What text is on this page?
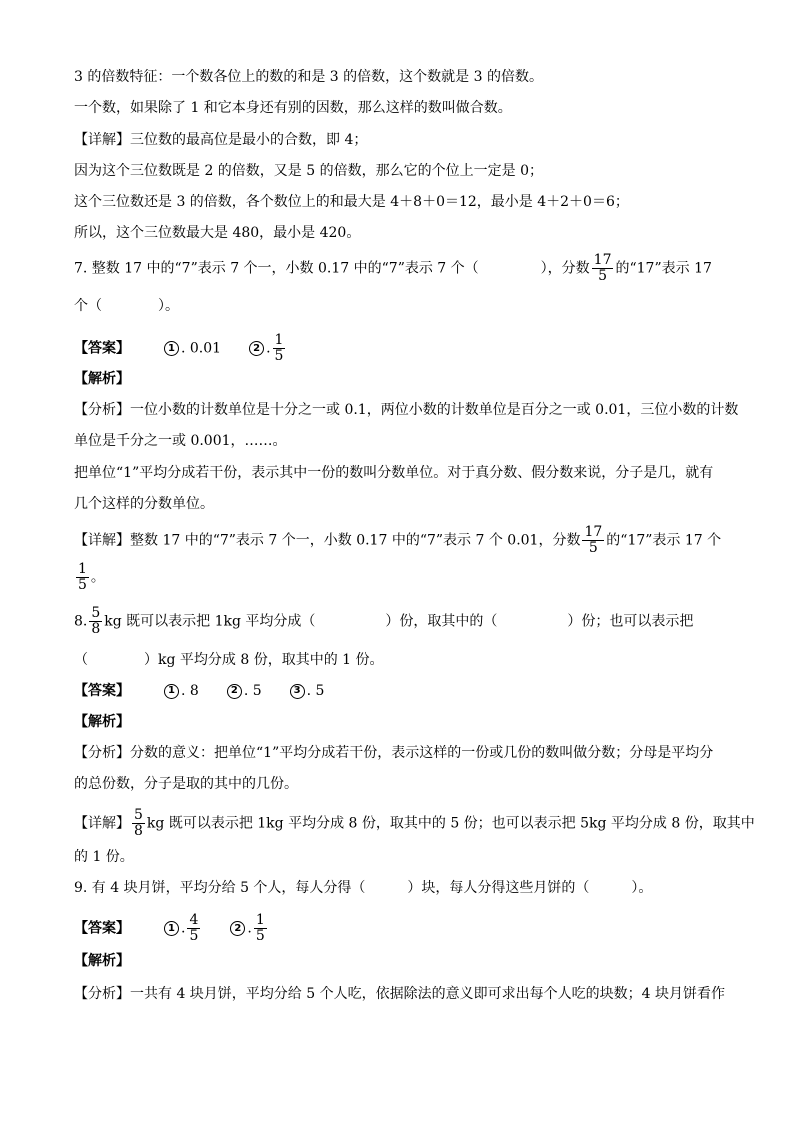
3 的倍数特征：一个数各位上的数的和是 3 的倍数，这个数就是 3 的倍数。
一个数，如果除了 1 和它本身还有别的因数，那么这样的数叫做合数。
【详解】三位数的最高位是最小的合数，即 4；
因为这个三位数既是 2 的倍数，又是 5 的倍数，那么它的个位上一定是 0；
这个三位数还是 3 的倍数，各个数位上的和最大是 4＋8＋0＝12，最小是 4＋2＋0＝6；
所以，这个三位数最大是 480，最小是 420。
7. 整数 17 中的“7”表示 7 个一，小数 0.17 中的“7”表示 7 个（	），分数 $\frac{17}{5}$ 的“17”表示 17
个（　　　　）。
【答案】	1 . 0.01	2 . $\frac{1}{5}$
【解析】
【分析】一位小数的计数单位是十分之一或 0.1，两位小数的计数单位是百分之一或 0.01，三位小数的计数
单位是千分之一或 0.001，……。
把单位“1”平均分成若干份，表示其中一份的数叫分数单位。对于真分数、假分数来说，分子是几，就有
几个这样的分数单位。
【详解】整数 17 中的“7”表示 7 个一，小数 0.17 中的“7”表示 7 个 0.01，分数 $\frac{17}{5}$ 的“17”表示 17 个
$\frac{1}{5}$ 。
8. $\frac{5}{8}$ kg 既可以表示把 1kg 平均分成（　　　　　）份，取其中的（　　　　　）份；也可以表示把
（　　　　）kg 平均分成 8 份，取其中的 1 份。
【答案】	1 . 8	2 . 5	3 . 5
【解析】
【分析】分数的意义：把单位“1”平均分成若干份，表示这样的一份或几份的数叫做分数；分母是平均分
的总份数，分子是取的其中的几份。
【详解】 $\frac{5}{8}$ kg 既可以表示把 1kg 平均分成 8 份，取其中的 5 份；也可以表示把 5kg 平均分成 8 份，取其中
的 1 份。
9. 有 4 块月饼，平均分给 5 个人，每人分得（　　　）块，每人分得这些月饼的（　　　）。
【答案】	1 . $\frac{4}{5}$	2 . $\frac{1}{5}$
【解析】
【分析】一共有 4 块月饼，平均分给 5 个人吃，依据除法的意义即可求出每个人吃的块数；4 块月饼看作
